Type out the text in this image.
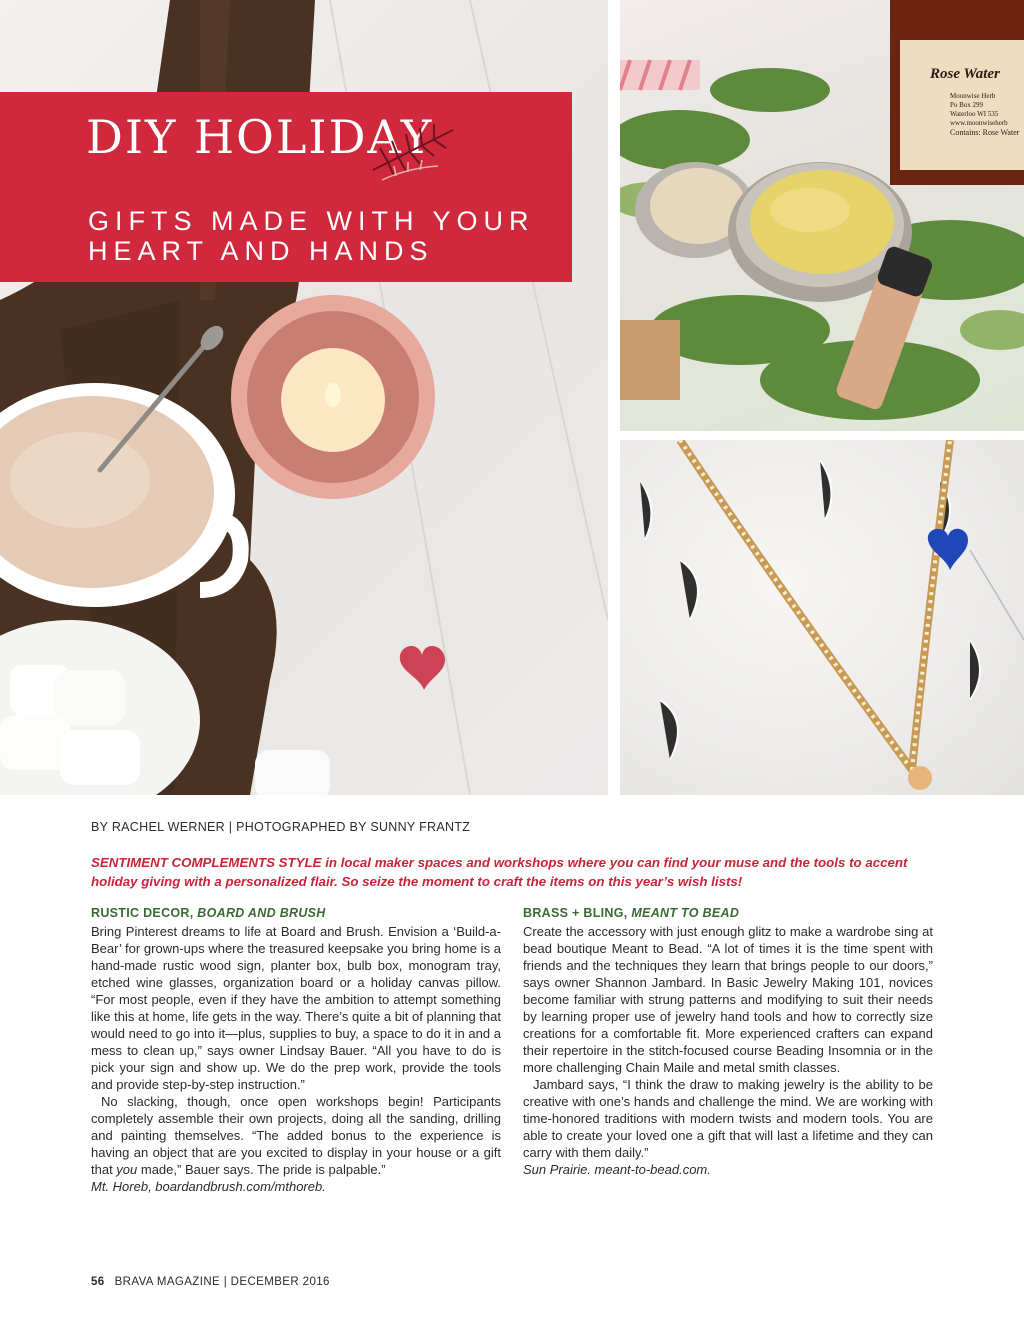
DIY HOLIDAY
GIFTS MADE WITH YOUR
HEART AND HANDS
Rose Water
Contains: Rose Water
Moonwise Herb
Po Box 299
Waterloo WI 535
www.moonwiseherb
BY RACHEL WERNER | PHOTOGRAPHED BY SUNNY FRANTZ
SENTIMENT COMPLEMENTS STYLE in local maker spaces and workshops where you can find your muse and the tools to accent holiday giving with a personalized flair. So seize the moment to craft the items on this year’s wish lists!
RUSTIC DECOR, BOARD AND BRUSH

Bring Pinterest dreams to life at Board and Brush. Envision a ‘Build-a-Bear’ for grown-ups where the treasured keepsake you bring home is a hand-made rustic wood sign, planter box, bulb box, monogram tray, etched wine glasses, organization board or a holiday canvas pillow. “For most people, even if they have the ambition to attempt something like this at home, life gets in the way. There’s quite a bit of planning that would need to go into it—plus, supplies to buy, a space to do it in and a mess to clean up,” says owner Lindsay Bauer. “All you have to do is pick your sign and show up. We do the prep work, provide the tools and provide step-by-step instruction.”

No slacking, though, once open workshops begin! Participants completely assemble their own projects, doing all the sanding, drilling and painting themselves. “The added bonus to the experience is having an object that are you excited to display in your house or a gift that you made,” Bauer says. The pride is palpable.”

Mt. Horeb, boardandbrush.com/mthoreb.

BRASS + BLING, MEANT TO BEAD

Create the accessory with just enough glitz to make a wardrobe sing at bead boutique Meant to Bead. “A lot of times it is the time spent with friends and the techniques they learn that brings people to our doors,” says owner Shannon Jambard. In Basic Jewelry Making 101, novices become familiar with strung patterns and modifying to suit their needs by learning proper use of jewelry hand tools and how to correctly size creations for a comfortable fit. More experienced crafters can expand their repertoire in the stitch-focused course Beading Insomnia or in the more challenging Chain Maile and metal smith classes.

Jambard says, “I think the draw to making jewelry is the ability to be creative with one’s hands and challenge the mind. We are working with time-honored traditions with modern twists and modern tools. You are able to create your loved one a gift that will last a lifetime and they can carry with them daily.”

Sun Prairie. meant-to-bead.com.

56 BRAVA MAGAZINE | DECEMBER 2016
